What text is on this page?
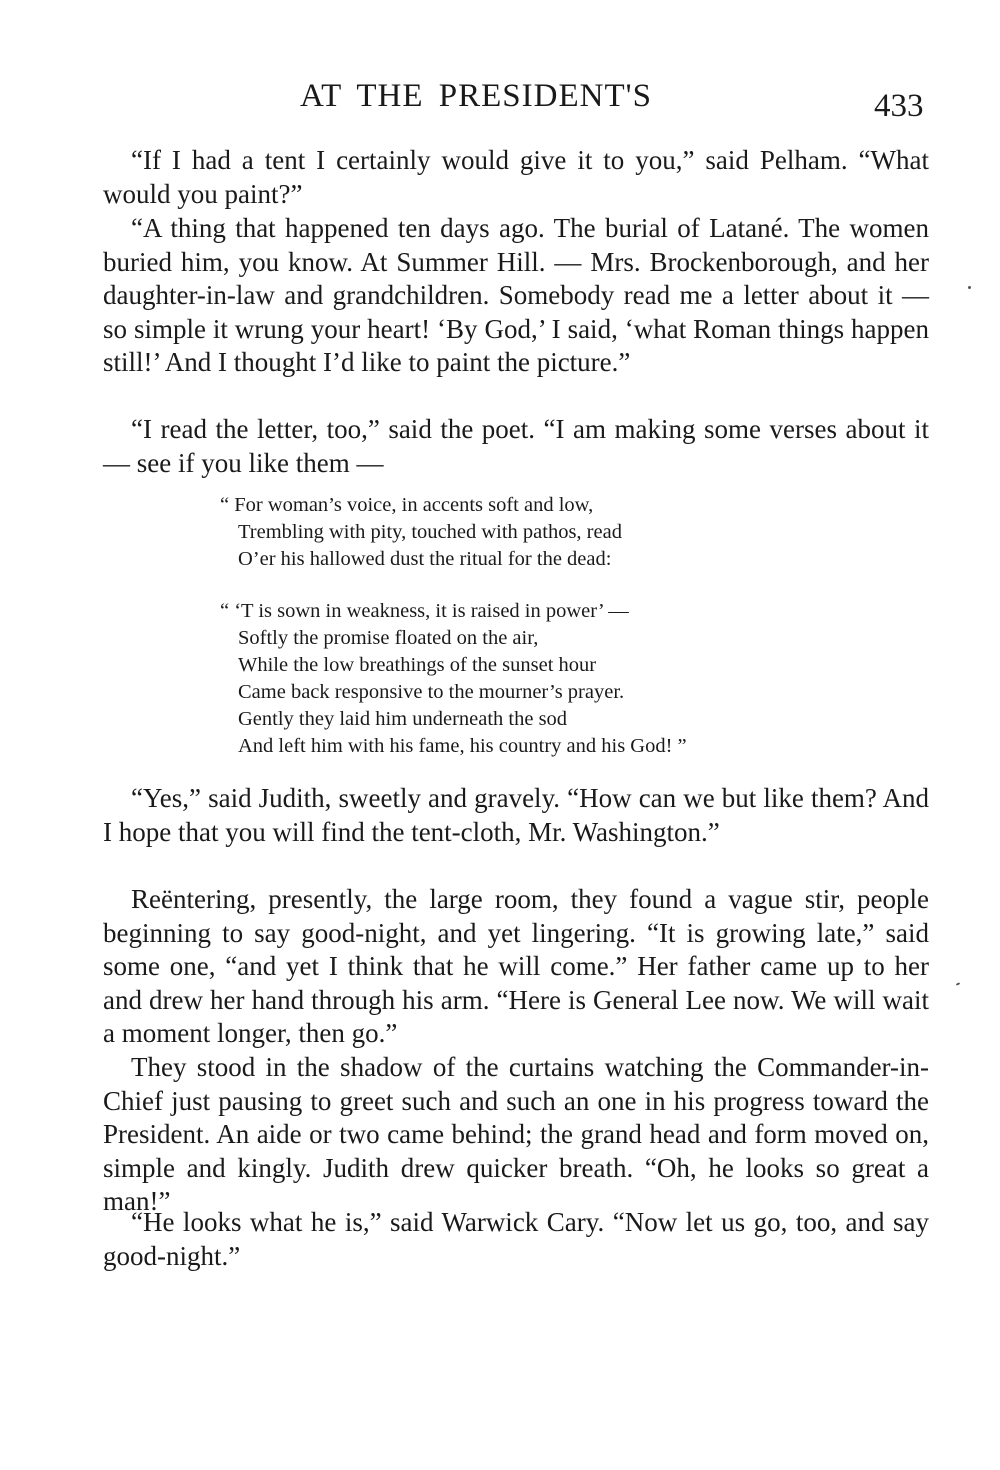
AT THE PRESIDENT'S	433

“If I had a tent I certainly would give it to you,” said Pelham. “What would you paint?”

“A thing that happened ten days ago. The burial of Latané. The women buried him, you know. At Summer Hill. — Mrs. Brockenborough, and her daughter-in-law and grandchildren. Somebody read me a letter about it — so simple it wrung your heart! ‘By God,’ I said, ‘what Roman things happen still!’ And I thought I’d like to paint the picture.”

“I read the letter, too,” said the poet. “I am making some verses about it — see if you like them —

“ For woman’s voice, in accents soft and low,
Trembling with pity, touched with pathos, read
O’er his hallowed dust the ritual for the dead:
“ ‘T is sown in weakness, it is raised in power’ —
Softly the promise floated on the air,
While the low breathings of the sunset hour
Came back responsive to the mourner’s prayer.
Gently they laid him underneath the sod
And left him with his fame, his country and his God! ”

“Yes,” said Judith, sweetly and gravely. “How can we but like them? And I hope that you will find the tent-cloth, Mr. Washington.”

Reëntering, presently, the large room, they found a vague stir, people beginning to say good-night, and yet lingering. “It is growing late,” said some one, “and yet I think that he will come.” Her father came up to her and drew her hand through his arm. “Here is General Lee now. We will wait a moment longer, then go.”

They stood in the shadow of the curtains watching the Commander-in-Chief just pausing to greet such and such an one in his progress toward the President. An aide or two came behind; the grand head and form moved on, simple and kingly. Judith drew quicker breath. “Oh, he looks so great a man!”

“He looks what he is,” said Warwick Cary. “Now let us go, too, and say good-night.”
